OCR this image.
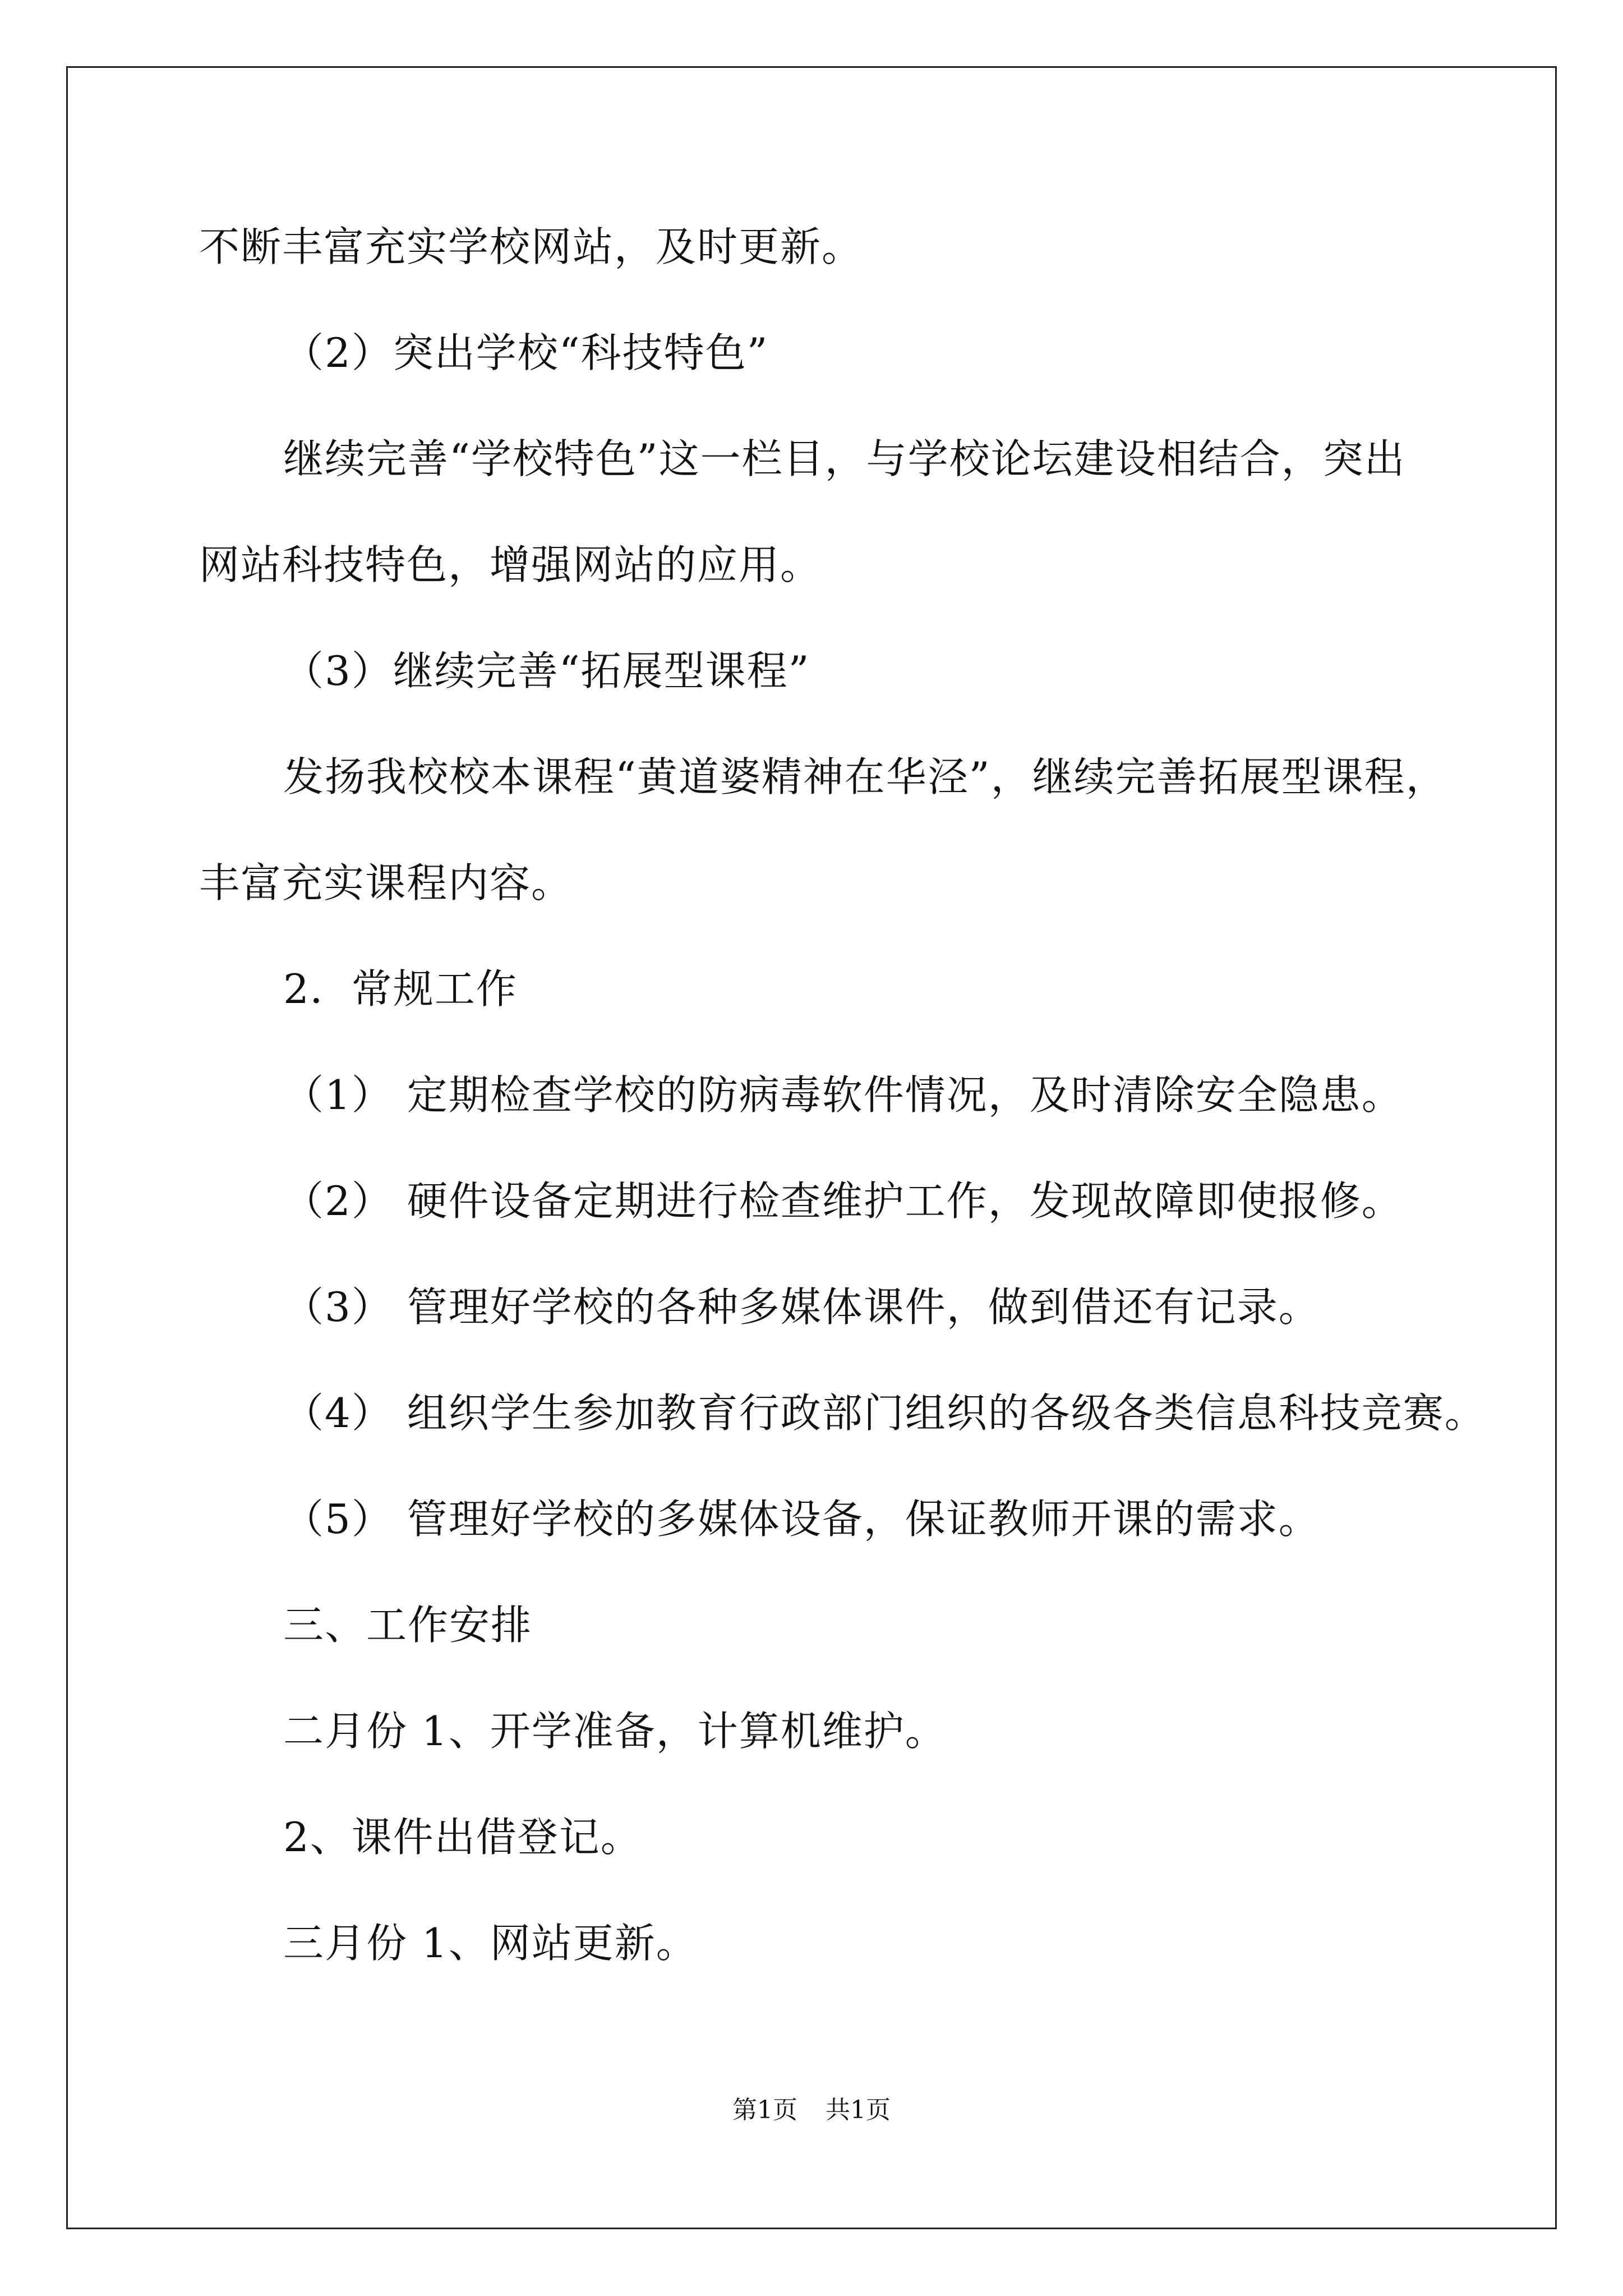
不断丰富充实学校网站，及时更新。
（2）突出学校“科技特色”
继续完善“学校特色”这一栏目，与学校论坛建设相结合，突出
网站科技特色，增强网站的应用。
（3）继续完善“拓展型课程”
发扬我校校本课程“黄道婆精神在华泾”，继续完善拓展型课程，
丰富充实课程内容。
2．常规工作
（1） 定期检查学校的防病毒软件情况，及时清除安全隐患。
（2） 硬件设备定期进行检查维护工作，发现故障即使报修。
（3） 管理好学校的各种多媒体课件，做到借还有记录。
（4） 组织学生参加教育行政部门组织的各级各类信息科技竞赛。
（5） 管理好学校的多媒体设备，保证教师开课的需求。
三、工作安排
二月份 1、开学准备，计算机维护。
2、课件出借登记。
三月份 1、网站更新。
第1页 共1页
